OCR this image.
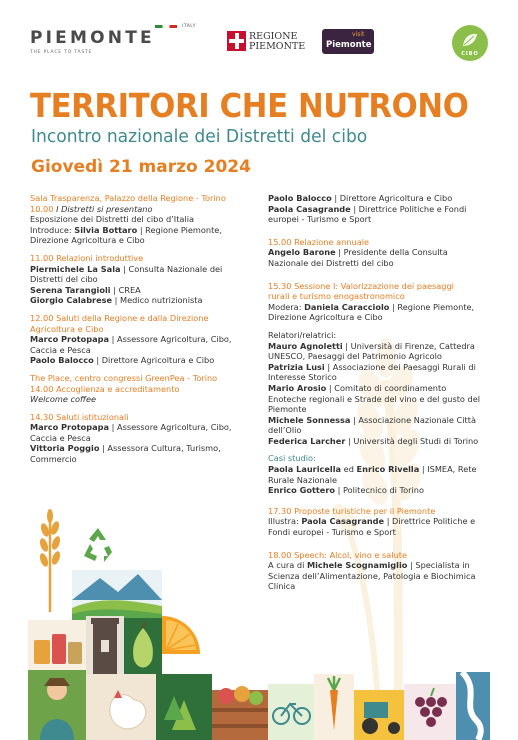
ITALY
PIEMONTE
THE PLACE TO TASTE
REGIONE
PIEMONTE
visit
Piemonte
CIBO
TERRITORI CHE NUTRONO
Incontro nazionale dei Distretti del cibo
Giovedì 21 marzo 2024

Sala Trasparenza, Palazzo della Regione - Torino

10.00 I Distretti si presentano

Esposizione dei Distretti del cibo d’Italia

Introduce: Silvia Bottaro | Regione Piemonte,

Direzione Agricoltura e Cibo

11.00 Relazioni introduttive

Piermichele La Sala | Consulta Nazionale dei

Distretti del cibo

Serena Tarangioli | CREA

Giorgio Calabrese | Medico nutrizionista

12.00 Saluti della Regione e dalla Direzione

Agricoltura e Cibo

Marco Protopapa | Assessore Agricoltura, Cibo,

Caccia e Pesca

Paolo Balocco | Direttore Agricoltura e Cibo

The Place, centro congressi GreenPea - Torino

14.00 Accoglienza e accreditamento

Welcome coffee

14.30 Saluti istituzionali

Marco Protopapa | Assessore Agricoltura, Cibo,

Caccia e Pesca

Vittoria Poggio | Assessora Cultura, Turismo,

Commercio

Paolo Balocco | Direttore Agricoltura e Cibo

Paola Casagrande | Direttrice Politiche e Fondi

europei - Turismo e Sport

15.00 Relazione annuale

Angelo Barone | Presidente della Consulta

Nazionale dei Distretti del cibo

15.30 Sessione I: Valorizzazione dei paesaggi

rurali e turismo enogastronomico

Modera: Daniela Caracciolo | Regione Piemonte,

Direzione Agricoltura e Cibo

Relatori/relatrici:

Mauro Agnoletti | Università di Firenze, Cattedra

UNESCO, Paesaggi del Patrimonio Agricolo

Patrizia Lusi | Associazione dei Paesaggi Rurali di

Interesse Storico

Mario Arosio | Comitato di coordinamento

Enoteche regionali e Strade del vino e del gusto del

Piemonte

Michele Sonnessa | Associazione Nazionale Città

dell’Olio

Federica Larcher | Università degli Studi di Torino

Casi studio:

Paola Lauricella ed Enrico Rivella | ISMEA, Rete

Rurale Nazionale

Enrico Gottero | Politecnico di Torino

17.30 Proposte turistiche per il Piemonte

Illustra: Paola Casagrande | Direttrice Politiche e

Fondi europei - Turismo e Sport

18.00 Speech: Alcol, vino e salute

A cura di Michele Scognamiglio | Specialista in

Scienza dell’Alimentazione, Patologia e Biochimica

Clinica
